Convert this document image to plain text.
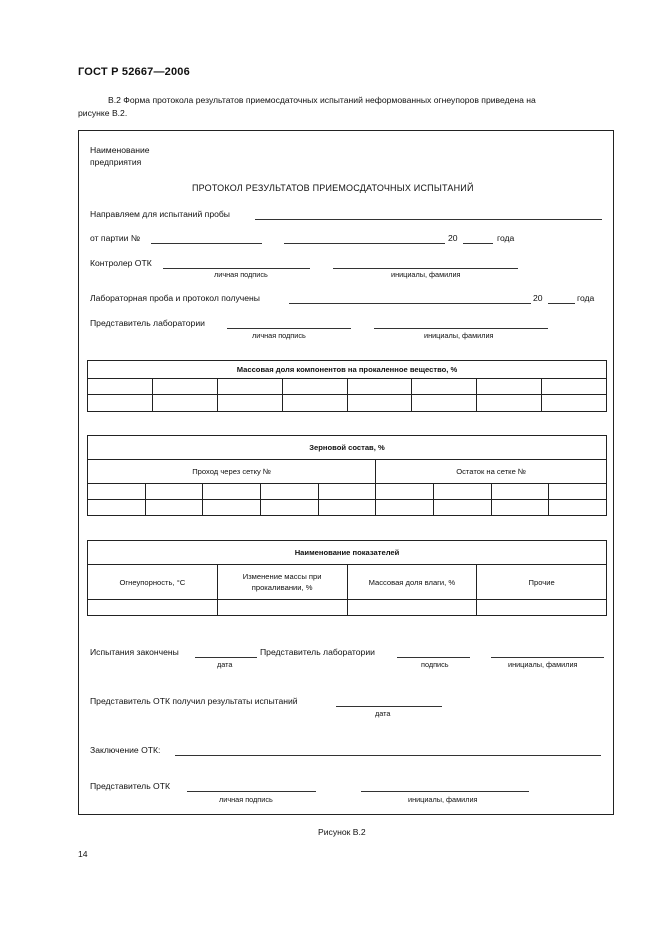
ГОСТ Р 52667—2006
В.2 Форма протокола результатов приемосдаточных испытаний неформованных огнеупоров приведена на
рисунке В.2.
Наименование
предприятия
ПРОТОКОЛ РЕЗУЛЬТАТОВ ПРИЕМОСДАТОЧНЫХ ИСПЫТАНИЙ
Направляем для испытаний пробы
от партии №	20	года
Контролер ОТК
личная подпись	инициалы, фамилия
Лабораторная проба и протокол получены	20	года
Представитель лаборатории
личная подпись	инициалы, фамилия
Массовая доля компонентов на прокаленное вещество, %							

Зерновой состав, %								
Проход через сетку №					Остаток на сетке №			

Наименование показателей			
Огнеупорность, °С	Изменение массы при прокаливании, %	Массовая доля влаги, %	Прочие

Испытания закончены	Представитель лаборатории
дата	подпись	инициалы, фамилия
Представитель ОТК получил результаты испытаний
дата
Заключение ОТК:
Представитель ОТК
личная подпись	инициалы, фамилия
Рисунок В.2
14
